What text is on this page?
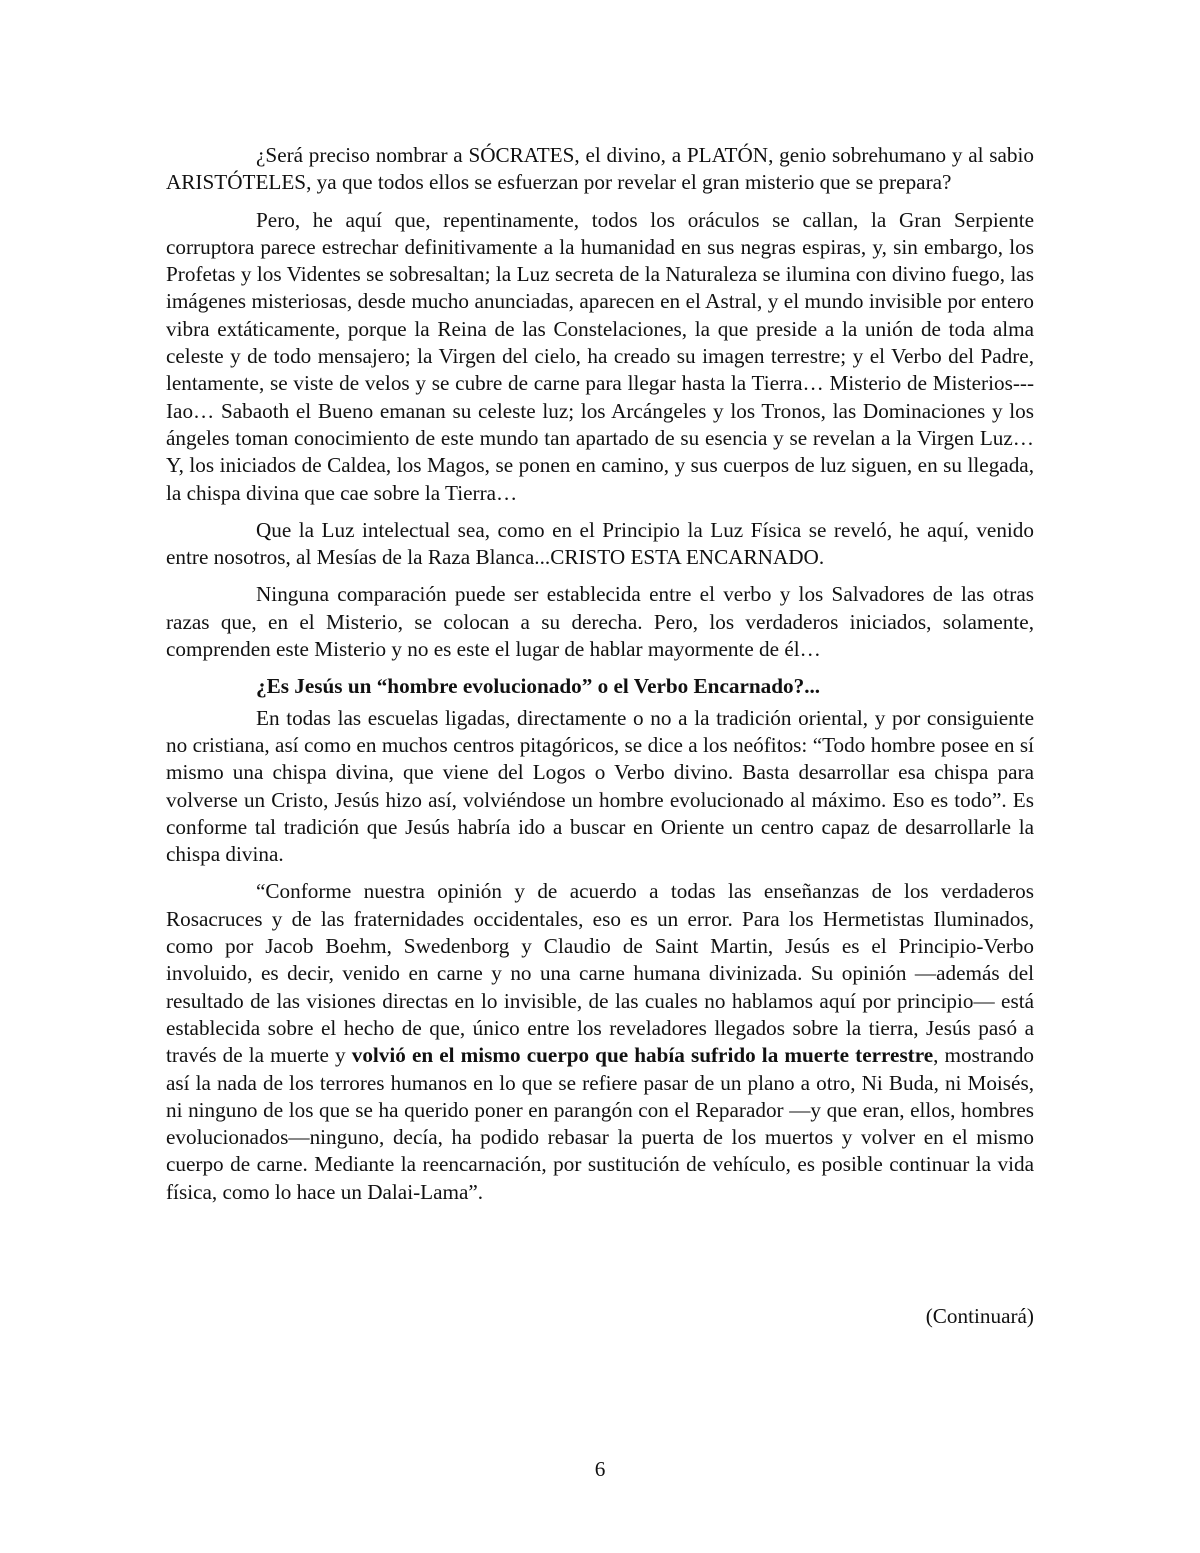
¿Será preciso nombrar a SÓCRATES, el divino, a PLATÓN, genio sobrehumano y al sabio ARISTÓTELES, ya que todos ellos se esfuerzan por revelar el gran misterio que se prepara?

Pero, he aquí que, repentinamente, todos los oráculos se callan, la Gran Serpiente corruptora parece estrechar definitivamente a la humanidad en sus negras espiras, y, sin embargo, los Profetas y los Videntes se sobresaltan; la Luz secreta de la Naturaleza se ilumina con divino fuego, las imágenes misteriosas, desde mucho anunciadas, aparecen en el Astral, y el mundo invisible por entero vibra extáticamente, porque la Reina de las Constelaciones, la que preside a la unión de toda alma celeste y de todo mensajero; la Virgen del cielo, ha creado su imagen terrestre; y el Verbo del Padre, lentamente, se viste de velos y se cubre de carne para llegar hasta la Tierra… Misterio de Misterios--- Iao… Sabaoth el Bueno emanan su celeste luz; los Arcángeles y los Tronos, las Dominaciones y los ángeles toman conocimiento de este mundo tan apartado de su esencia y se revelan a la Virgen Luz… Y, los iniciados de Caldea, los Magos, se ponen en camino, y sus cuerpos de luz siguen, en su llegada, la chispa divina que cae sobre la Tierra…

Que la Luz intelectual sea, como en el Principio la Luz Física se reveló, he aquí, venido entre nosotros, al Mesías de la Raza Blanca...CRISTO ESTA ENCARNADO.

Ninguna comparación puede ser establecida entre el verbo y los Salvadores de las otras razas que, en el Misterio, se colocan a su derecha. Pero, los verdaderos iniciados, solamente, comprenden este Misterio y no es este el lugar de hablar mayormente de él…

¿Es Jesús un “hombre evolucionado” o el Verbo Encarnado?...

En todas las escuelas ligadas, directamente o no a la tradición oriental, y por consiguiente no cristiana, así como en muchos centros pitagóricos, se dice a los neófitos: “Todo hombre posee en sí mismo una chispa divina, que viene del Logos o Verbo divino. Basta desarrollar esa chispa para volverse un Cristo, Jesús hizo así, volviéndose un hombre evolucionado al máximo. Eso es todo”. Es conforme tal tradición que Jesús habría ido a buscar en Oriente un centro capaz de desarrollarle la chispa divina.

“Conforme nuestra opinión y de acuerdo a todas las enseñanzas de los verdaderos Rosacruces y de las fraternidades occidentales, eso es un error. Para los Hermetistas Iluminados, como por Jacob Boehm, Swedenborg y Claudio de Saint Martin, Jesús es el Principio-Verbo involuido, es decir, venido en carne y no una carne humana divinizada. Su opinión —además del resultado de las visiones directas en lo invisible, de las cuales no hablamos aquí por principio— está establecida sobre el hecho de que, único entre los reveladores llegados sobre la tierra, Jesús pasó a través de la muerte y volvió en el mismo cuerpo que había sufrido la muerte terrestre, mostrando así la nada de los terrores humanos en lo que se refiere pasar de un plano a otro, Ni Buda, ni Moisés, ni ninguno de los que se ha querido poner en parangón con el Reparador —y que eran, ellos, hombres evolucionados—ninguno, decía, ha podido rebasar la puerta de los muertos y volver en el mismo cuerpo de carne. Mediante la reencarnación, por sustitución de vehículo, es posible continuar la vida física, como lo hace un Dalai-Lama”.

(Continuará)
6
